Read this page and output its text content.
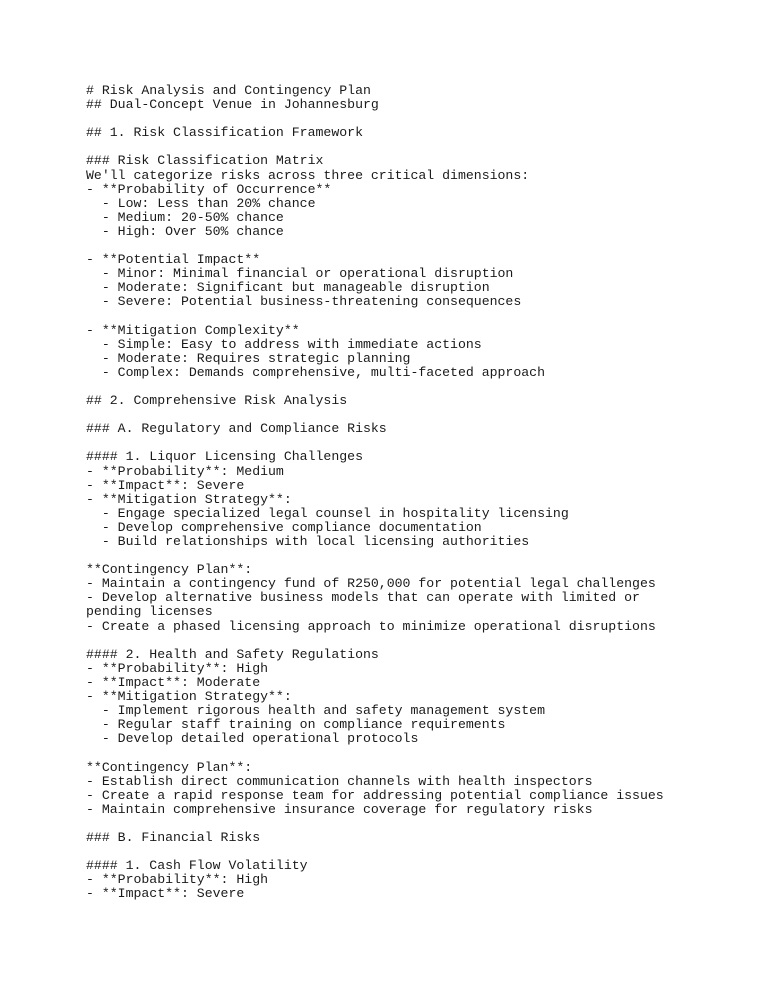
# Risk Analysis and Contingency Plan
## Dual-Concept Venue in Johannesburg
## 1. Risk Classification Framework
### Risk Classification Matrix
We'll categorize risks across three critical dimensions:
- **Probability of Occurrence**
- Low: Less than 20% chance
- Medium: 20-50% chance
- High: Over 50% chance
- **Potential Impact**
- Minor: Minimal financial or operational disruption
- Moderate: Significant but manageable disruption
- Severe: Potential business-threatening consequences
- **Mitigation Complexity**
- Simple: Easy to address with immediate actions
- Moderate: Requires strategic planning
- Complex: Demands comprehensive, multi-faceted approach
## 2. Comprehensive Risk Analysis
### A. Regulatory and Compliance Risks
#### 1. Liquor Licensing Challenges
- **Probability**: Medium
- **Impact**: Severe
- **Mitigation Strategy**:
- Engage specialized legal counsel in hospitality licensing
- Develop comprehensive compliance documentation
- Build relationships with local licensing authorities
**Contingency Plan**:
- Maintain a contingency fund of R250,000 for potential legal challenges
- Develop alternative business models that can operate with limited or
pending licenses
- Create a phased licensing approach to minimize operational disruptions
#### 2. Health and Safety Regulations
- **Probability**: High
- **Impact**: Moderate
- **Mitigation Strategy**:
- Implement rigorous health and safety management system
- Regular staff training on compliance requirements
- Develop detailed operational protocols
**Contingency Plan**:
- Establish direct communication channels with health inspectors
- Create a rapid response team for addressing potential compliance issues
- Maintain comprehensive insurance coverage for regulatory risks
### B. Financial Risks
#### 1. Cash Flow Volatility
- **Probability**: High
- **Impact**: Severe
